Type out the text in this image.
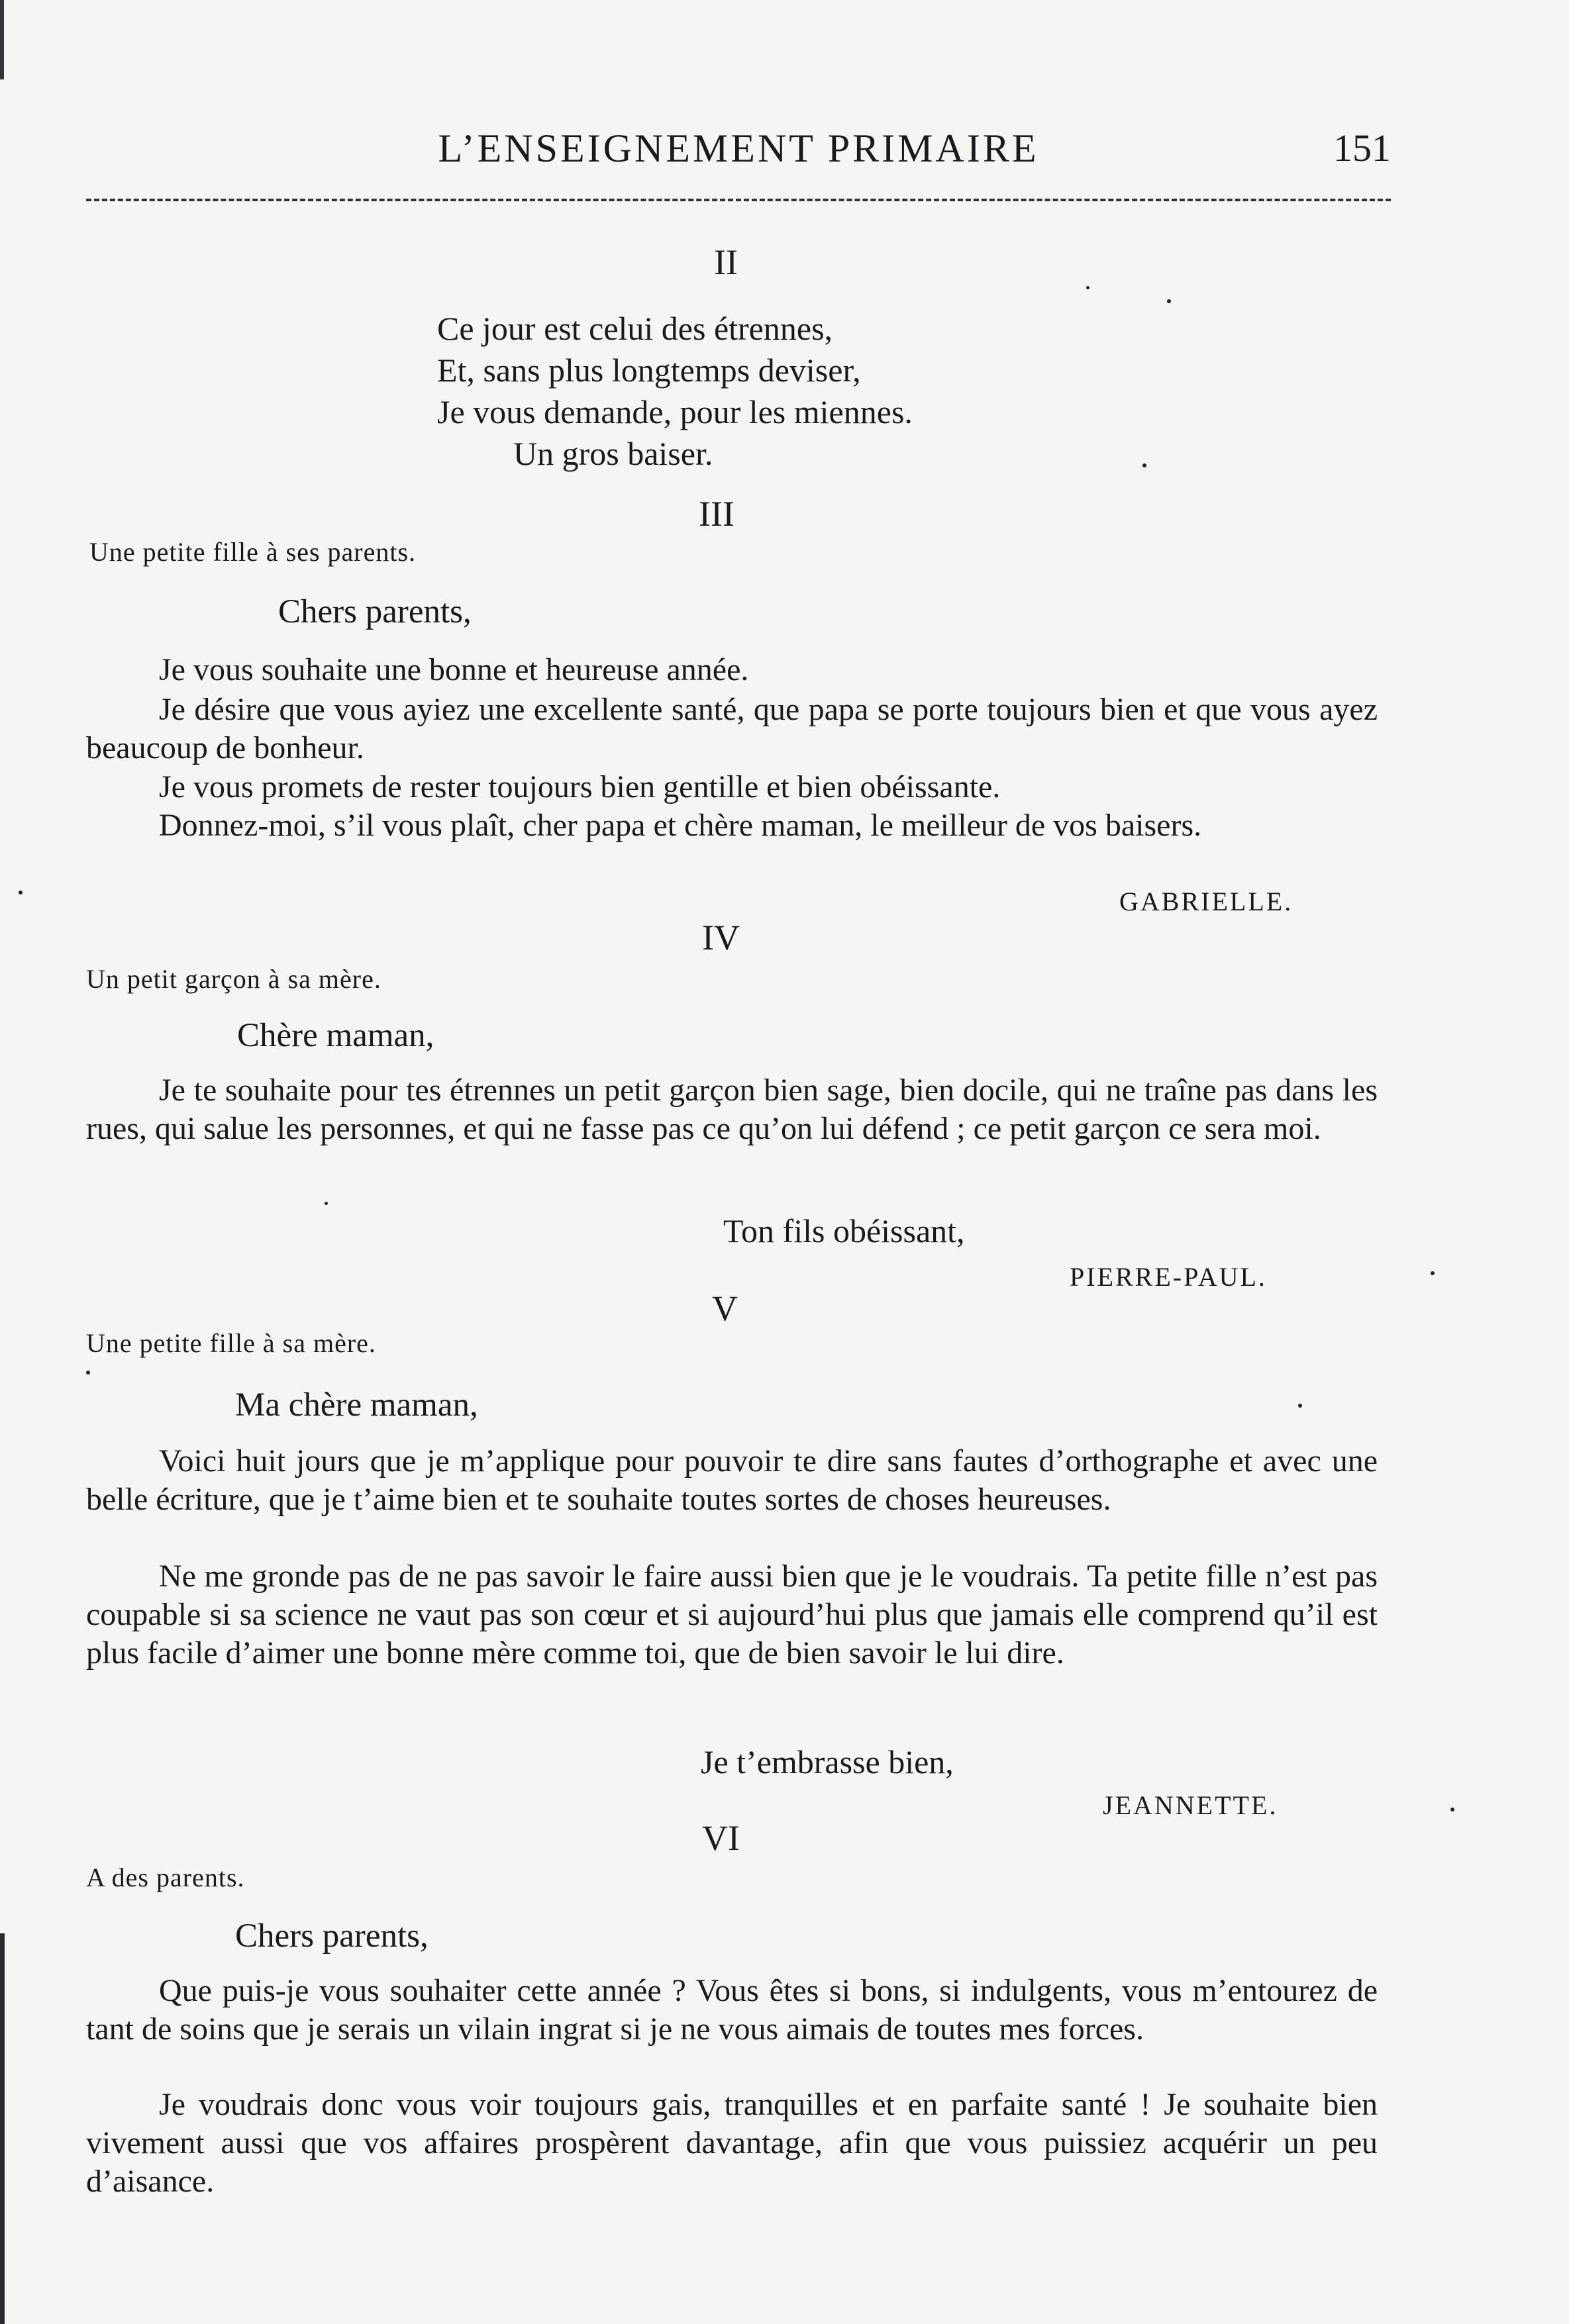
L’ENSEIGNEMENT PRIMAIRE	151
II
Ce jour est celui des étrennes,
Et, sans plus longtemps deviser,
Je vous demande, pour les miennes.
Un gros baiser.
III
Une petite fille à ses parents.
Chers parents,
Je vous souhaite une bonne et heureuse année.
Je désire que vous ayiez une excellente santé, que papa se porte toujours bien et que vous ayez beaucoup de bonheur.
Je vous promets de rester toujours bien gentille et bien obéissante.
Donnez-moi, s’il vous plaît, cher papa et chère maman, le meilleur de vos baisers.
GABRIELLE.
IV
Un petit garçon à sa mère.
Chère maman,
Je te souhaite pour tes étrennes un petit garçon bien sage, bien docile, qui ne traîne pas dans les rues, qui salue les personnes, et qui ne fasse pas ce qu’on lui défend ; ce petit garçon ce sera moi.
Ton fils obéissant,
PIERRE-PAUL.
V
Une petite fille à sa mère.
Ma chère maman,
Voici huit jours que je m’applique pour pouvoir te dire sans fautes d’orthographe et avec une belle écriture, que je t’aime bien et te souhaite toutes sortes de choses heureuses.
Ne me gronde pas de ne pas savoir le faire aussi bien que je le voudrais. Ta petite fille n’est pas coupable si sa science ne vaut pas son cœur et si aujourd’hui plus que jamais elle comprend qu’il est plus facile d’aimer une bonne mère comme toi, que de bien savoir le lui dire.
Je t’embrasse bien,
JEANNETTE.
VI
A des parents.
Chers parents,
Que puis-je vous souhaiter cette année ? Vous êtes si bons, si indulgents, vous m’entourez de tant de soins que je serais un vilain ingrat si je ne vous aimais de toutes mes forces.
Je voudrais donc vous voir toujours gais, tranquilles et en parfaite santé ! Je souhaite bien vivement aussi que vos affaires prospèrent davantage, afin que vous puissiez acquérir un peu d’aisance.
